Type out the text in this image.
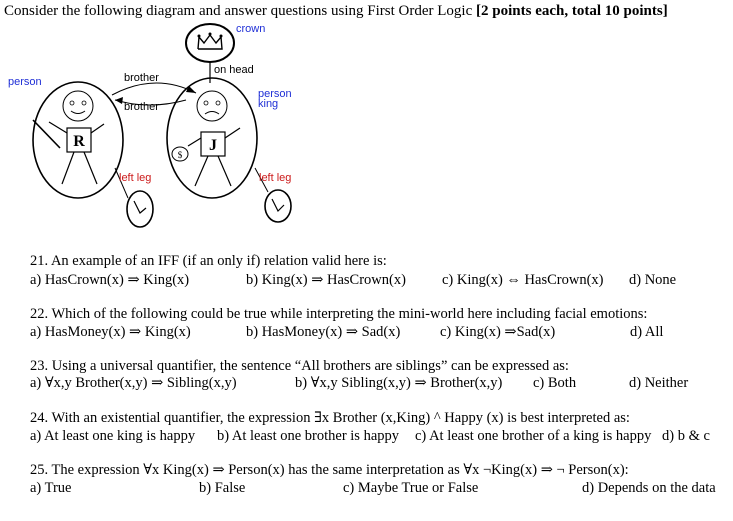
Consider the following diagram and answer questions using First Order Logic [2 points each, total 10 points]
crown
on head
R
person	brother
brother
J
$
person
king
left leg	left leg
21. An example of an IFF (if an only if) relation valid here is:
a) HasCrown(x) ⇒ King(x)	b) King(x) ⇒ HasCrown(x) c) King(x) ⇔ HasCrown(x) d) None
22. Which of the following could be true while interpreting the mini-world here including facial emotions:
a) HasMoney(x) ⇒ King(x)	b) HasMoney(x) ⇒ Sad(x)	c) King(x) ⇒Sad(x)	d) All
23. Using a universal quantifier, the sentence “All brothers are siblings” can be expressed as:
a) ∀x,y Brother(x,y) ⇒ Sibling(x,y)	b) ∀x,y Sibling(x,y) ⇒ Brother(x,y) c) Both	d) Neither
24. With an existential quantifier, the expression ∃x Brother (x,King) ^ Happy (x) is best interpreted as:
a) At least one king is happy b) At least one brother is happy c) At least one brother of a king is happy d) b & c
25. The expression ∀x King(x) ⇒ Person(x) has the same interpretation as ∀x ¬King(x) ⇒ ¬ Person(x):
a) True	b) False	c) Maybe True or False	d) Depends on the data
